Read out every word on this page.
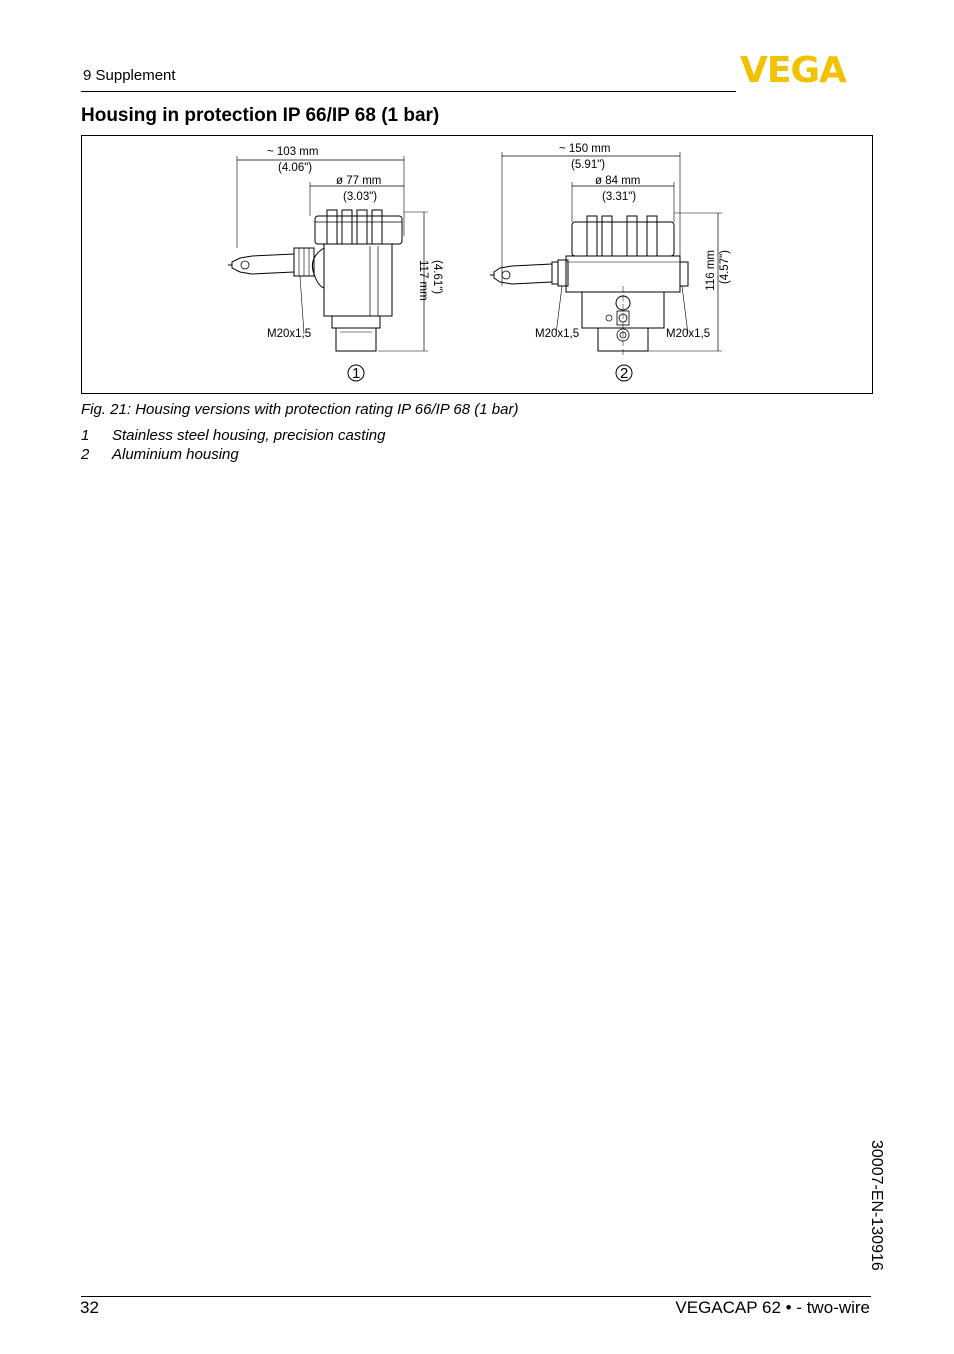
9 Supplement	VEGA
Housing in protection IP 66/IP 68 (1 bar)
~ 103 mm
(4.06")
ø 77 mm
(3.03")
117 mm (4.61")
M20x1,5
1
~ 150 mm
(5.91")
ø 84 mm
(3.31")
116 mm (4.57")
M20x1,5	M20x1,5
2
Fig. 21: Housing versions with protection rating IP 66/IP 68 (1 bar)
1	Stainless steel housing, precision casting
2	Aluminium housing
30007-EN-130916
32	VEGACAP 62 • - two-wire
